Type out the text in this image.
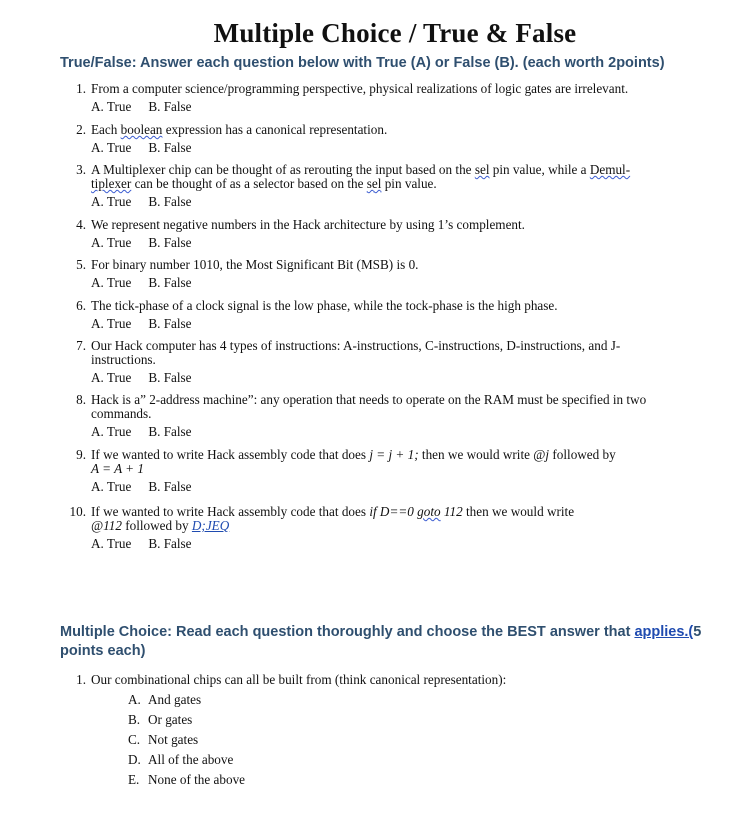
Multiple Choice / True & False
True/False: Answer each question below with True (A) or False (B). (each worth 2points)
1. From a computer science/programming perspective, physical realizations of logic gates are irrelevant.
A. True B. False
2. Each boolean expression has a canonical representation.
A. True B. False
3. A Multiplexer chip can be thought of as rerouting the input based on the sel pin value, while a Demul-
tiplexer can be thought of as a selector based on the sel pin value.
A. True B. False
4. We represent negative numbers in the Hack architecture by using 1’s complement.
A. True B. False
5. For binary number 1010, the Most Significant Bit (MSB) is 0.
A. True B. False
6. The tick-phase of a clock signal is the low phase, while the tock-phase is the high phase.
A. True B. False
7. Our Hack computer has 4 types of instructions: A-instructions, C-instructions, D-instructions, and J-
instructions.
A. True B. False
8. Hack is a” 2-address machine”: any operation that needs to operate on the RAM must be specified in two
commands.
A. True B. False
9. If we wanted to write Hack assembly code that does j = j + 1; then we would write @j followed by
A = A + 1
A. True B. False
10. If we wanted to write Hack assembly code that does if D==0 goto 112 then we would write
@112 followed by D;JEQ
A. True B. False
Multiple Choice: Read each question thoroughly and choose the BEST answer that applies.(5
points each)
1. Our combinational chips can all be built from (think canonical representation):
A. And gates
B. Or gates
C. Not gates
D. All of the above
E. None of the above
